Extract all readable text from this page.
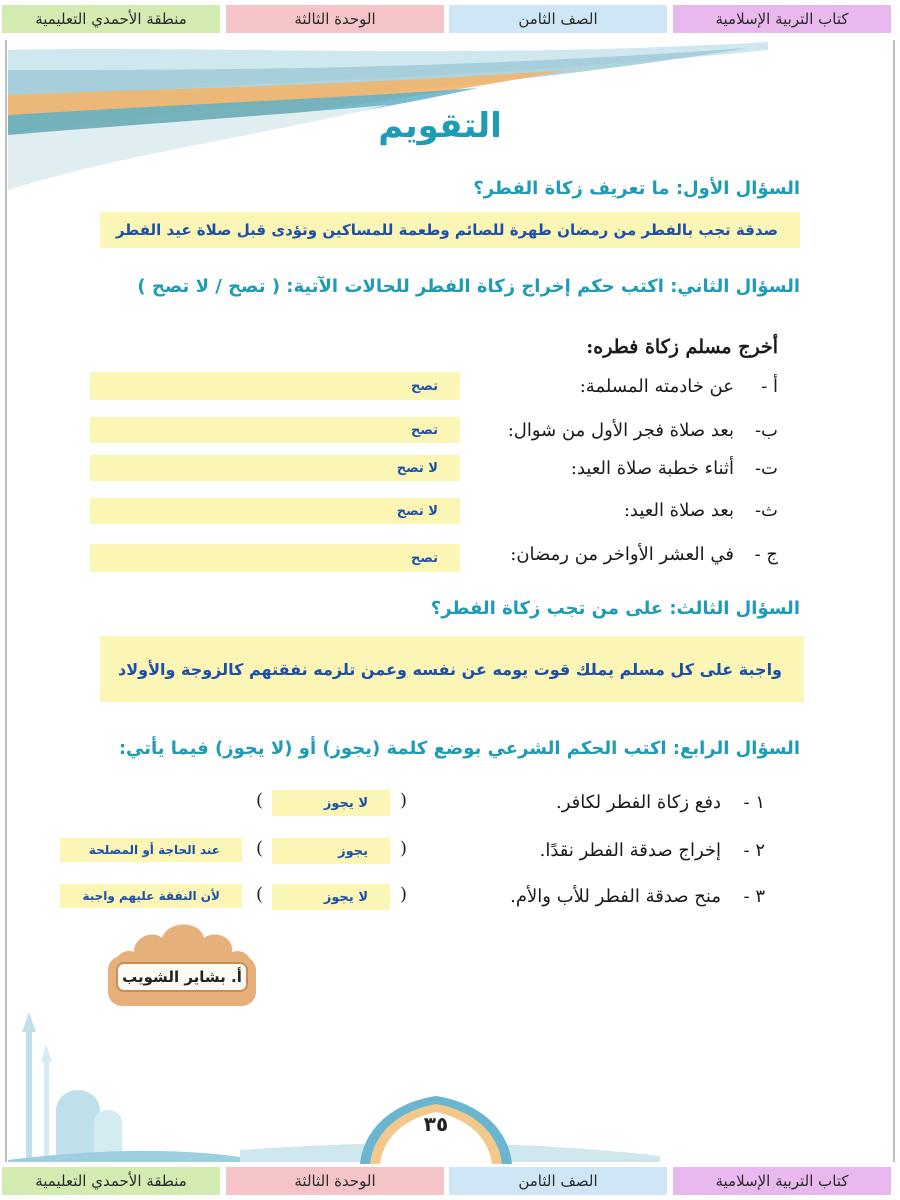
كتاب التربية الإسلامية
الصف الثامن
الوحدة الثالثة
منطقة الأحمدي التعليمية
التقويم
السؤال الأول: ما تعريف زكاة الفطر؟
صدقة تجب بالفطر من رمضان طهرة للصائم وطعمة للمساكين وتؤدى قبل صلاة عيد الفطر
السؤال الثاني: اكتب حكم إخراج زكاة الفطر للحالات الآتية: ( تصح / لا تصح )
أخرج مسلم زكاة فطره:
أ -عن خادمته المسلمة:
تصح
ب-بعد صلاة فجر الأول من شوال:
تصح
ت-أثناء خطبة صلاة العيد:
لا تصح
ث-بعد صلاة العيد:
لا تصح
ج -في العشر الأواخر من رمضان:
تصح
السؤال الثالث: على من تجب زكاة الفطر؟
واجبة على كل مسلم يملك قوت يومه عن نفسه وعمن تلزمه نفقتهم كالزوجة والأولاد
السؤال الرابع: اكتب الحكم الشرعي بوضع كلمة (يجوز) أو (لا يجوز) فيما يأتي:
١ -دفع زكاة الفطر لكافر.
(
لا يجوز
)
٢ -إخراج صدقة الفطر نقدًا.
(
يجوز
)
عند الحاجة أو المصلحة
٣ -منح صدقة الفطر للأب والأم.
(
لا يجوز
)
لأن النفقة عليهم واجبة
أ. بشاير الشويب
٣٥
كتاب التربية الإسلامية
الصف الثامن
الوحدة الثالثة
منطقة الأحمدي التعليمية
